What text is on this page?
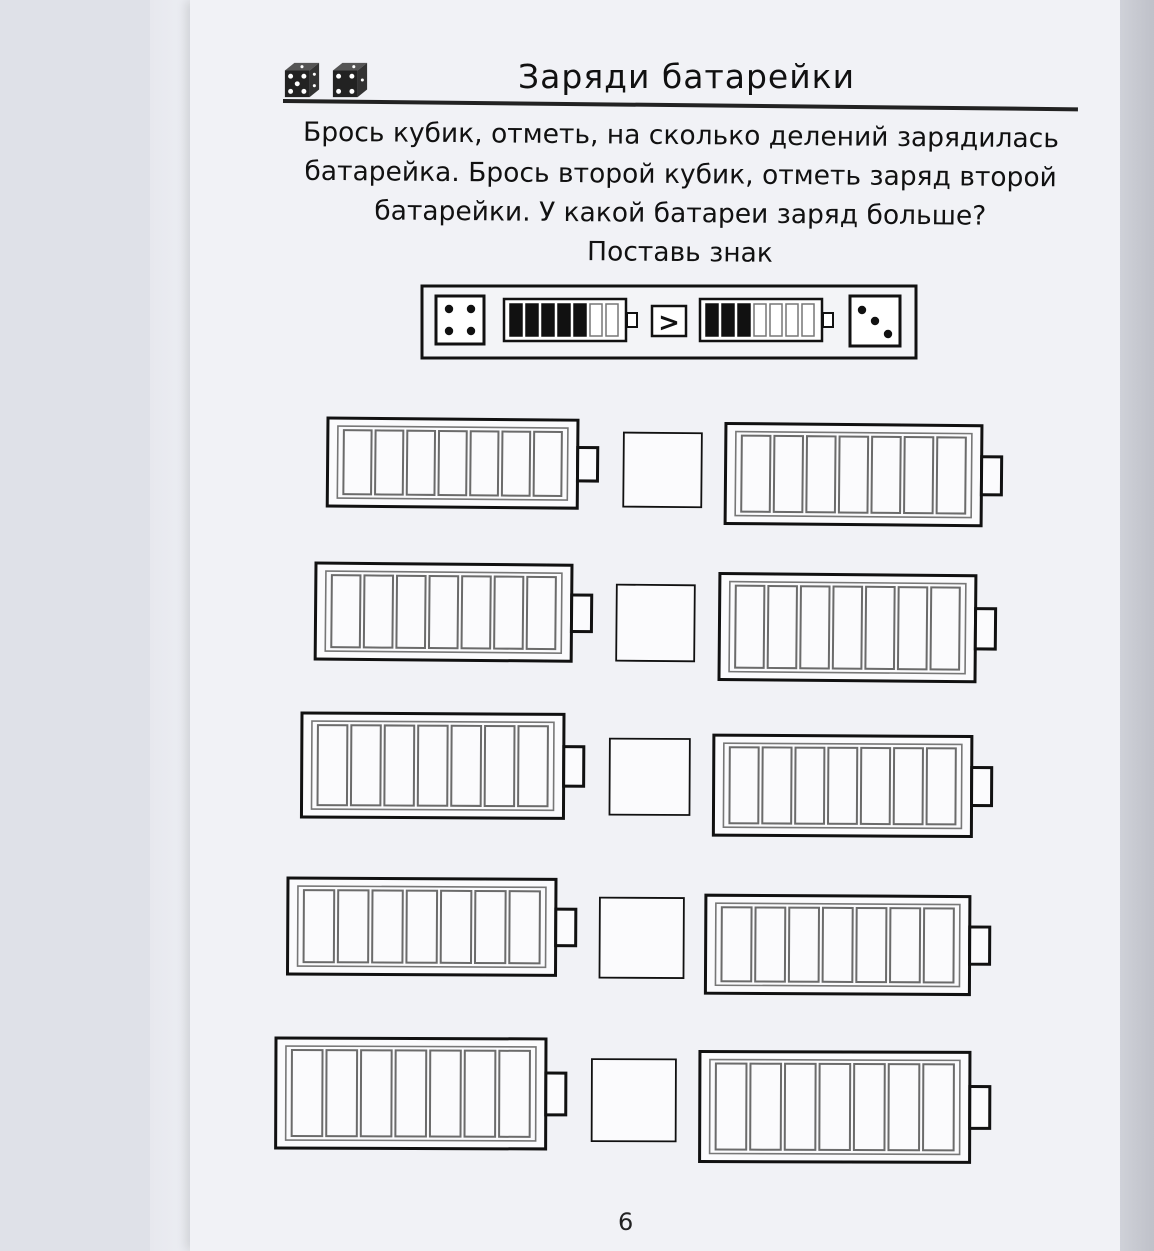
Заряди батарейки
Брось кубик, отметь, на сколько делений зарядилась
батарейка. Брось второй кубик, отметь заряд второй
батарейки. У какой батареи заряд больше?
Поставь знак
>
6
